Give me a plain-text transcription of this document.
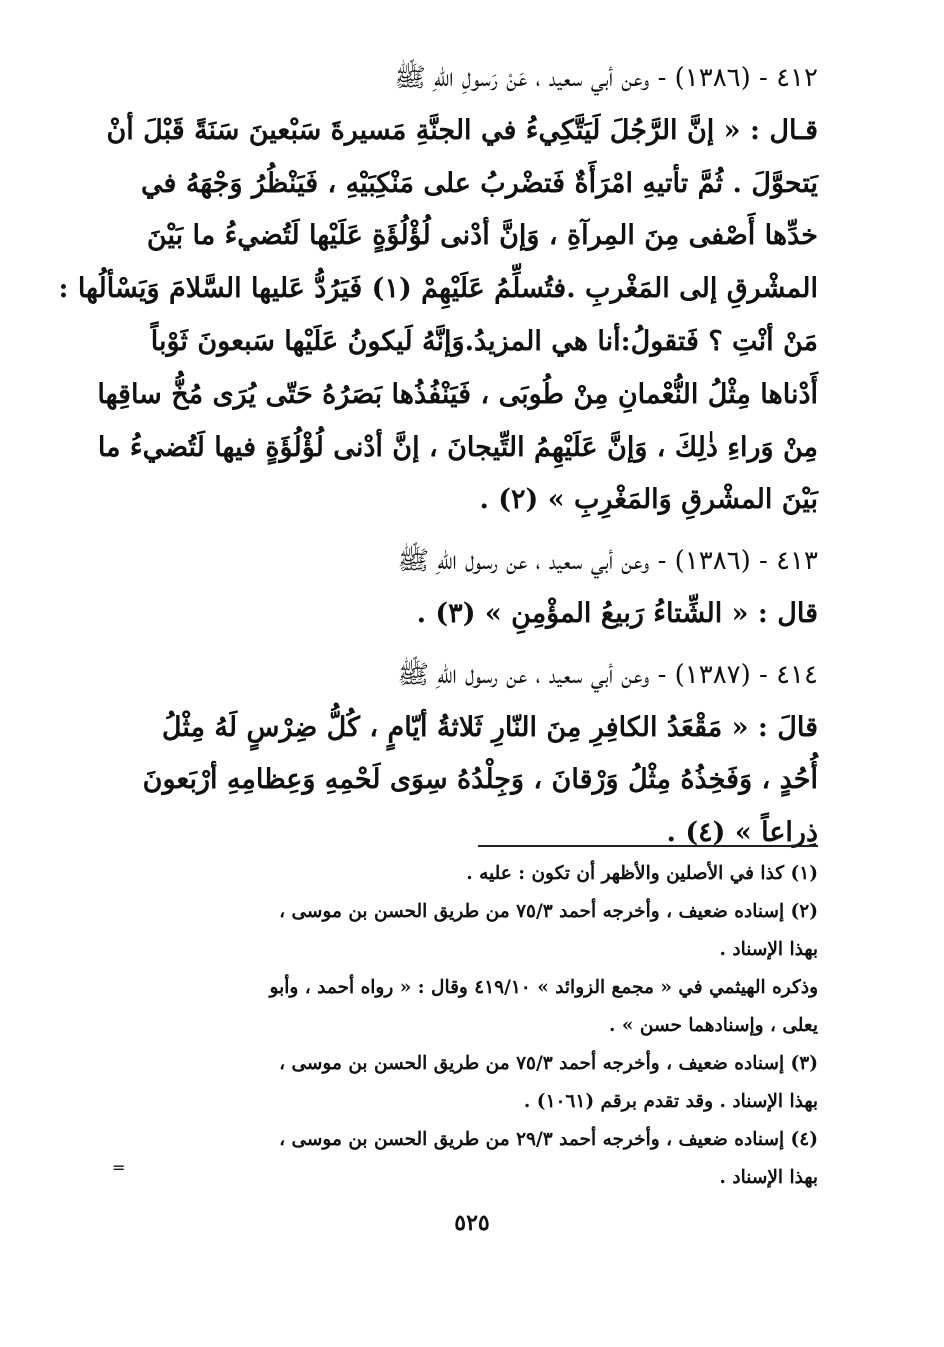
٤١٢ - (١٣٨٦) - وعن أبي سعيد ، عَنْ رَسولِ اللّهِ ﷺ
قـال : « إنَّ الرَّجُلَ لَيَتَّكِيءُ في الجنَّةِ مَسيرةَ سَبْعينَ سَنَةً قَبْلَ أنْ
يَتحوَّلَ . ثُمَّ تأتيهِ امْرَأَةٌ فَتضْربُ على مَنْكِبَيْهِ ، فَيَنْظُرُ وَجْهَهُ في
خدِّها أَصْفى مِنَ المِرآةِ ، وَإنَّ أدْنى لُؤْلُؤَةٍ عَلَيْها لَتُضيءُ ما بَيْنَ
المشْرقِ إلى المَغْربِ .فتُسلِّمُ عَلَيْهِمْ (١) فَيَرُدُّ عَليها السَّلامَ وَيَسْألُها :
مَنْ أنْتِ ؟ فَتقولُ:أنا هي المزيدُ.وَإنَّهُ لَيكونُ عَلَيْها سَبعونَ ثَوْباً
أَدْناها مِثْلُ النُّعْمانِ مِنْ طُوبَى ، فَيَنْفُذُها بَصَرُهُ حَتّى يُرَى مُخُّ ساقِها
مِنْ وَراءِ ذٰلِكَ ، وَإنَّ عَلَيْهِمُ التِّيجانَ ، إنَّ أدْنى لُؤْلُؤَةٍ فيها لَتُضيءُ ما
بَيْنَ المشْرقِ وَالمَغْرِبِ » (٢) .
٤١٣ - (١٣٨٦) - وعن أبي سعيد ، عن رسول اللّهِ ﷺ
قال : « الشِّتاءُ رَبيعُ المؤْمِنِ » (٣) .
٤١٤ - (١٣٨٧) - وعن أبي سعيد ، عن رسول اللّهِ ﷺ
قالَ : « مَقْعَدُ الكافِرِ مِنَ النّارِ ثَلاثةُ أيّامٍ ، كُلُّ ضِرْسٍ لَهُ مِثْلُ
أُحُدٍ ، وَفَخِذُهُ مِثْلُ وَرْقانَ ، وَجِلْدُهُ سِوَى لَحْمِهِ وَعِظامِهِ أرْبَعونَ
ذِراعاً » (٤) .
(١) كذا في الأصلين والأظهر أن تكون : عليه .
(٢) إسناده ضعيف ، وأخرجه أحمد ٧٥/٣ من طريق الحسن بن موسى ،
بهذا الإسناد .
وذكره الهيثمي في « مجمع الزوائد » ٤١٩/١٠ وقال : « رواه أحمد ، وأبو
يعلى ، وإسنادهما حسن » .
(٣) إسناده ضعيف ، وأخرجه أحمد ٧٥/٣ من طريق الحسن بن موسى ،
بهذا الإسناد . وقد تقدم برقم (١٠٦١) .
(٤) إسناده ضعيف ، وأخرجه أحمد ٢٩/٣ من طريق الحسن بن موسى ،
بهذا الإسناد .
=
٥٢٥
